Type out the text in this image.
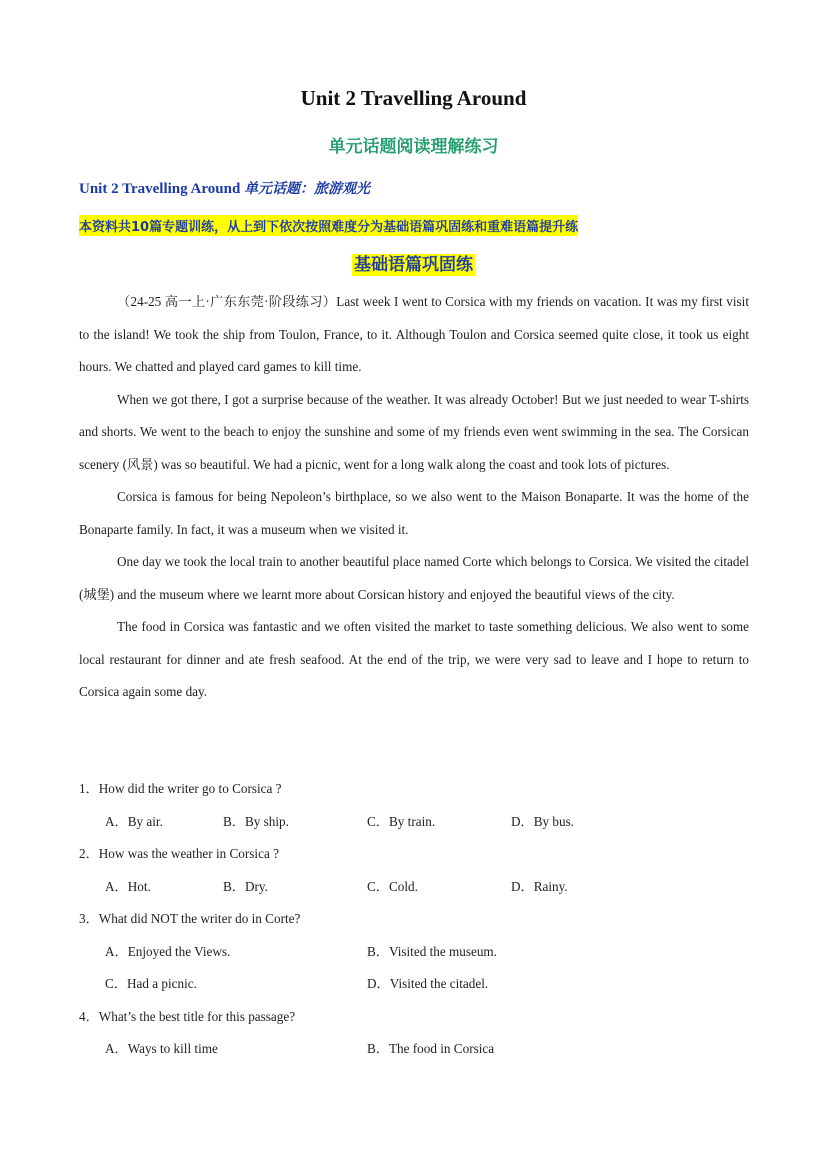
Unit 2 Travelling Around
单元话题阅读理解练习
Unit 2 Travelling Around 单元话题：旅游观光
本资料共10篇专题训练，从上到下依次按照难度分为基础语篇巩固练和重难语篇提升练
基础语篇巩固练

（24-25 高一上·广东东莞·阶段练习）Last week I went to Corsica with my friends on vacation. It was my first visit to the island! We took the ship from Toulon, France, to it. Although Toulon and Corsica seemed quite close, it took us eight hours. We chatted and played card games to kill time.

When we got there, I got a surprise because of the weather. It was already October! But we just needed to wear T-shirts and shorts. We went to the beach to enjoy the sunshine and some of my friends even went swimming in the sea. The Corsican scenery (风景) was so beautiful. We had a picnic, went for a long walk along the coast and took lots of pictures.

Corsica is famous for being Nepoleon’s birthplace, so we also went to the Maison Bonaparte. It was the home of the Bonaparte family. In fact, it was a museum when we visited it.

One day we took the local train to another beautiful place named Corte which belongs to Corsica. We visited the citadel (城堡) and the museum where we learnt more about Corsican history and enjoyed the beautiful views of the city.

The food in Corsica was fantastic and we often visited the market to taste something delicious. We also went to some local restaurant for dinner and ate fresh seafood. At the end of the trip, we were very sad to leave and I hope to return to Corsica again some day.

1．How did the writer go to Corsica ?
A．By air.	B．By ship.	C．By train.	D．By bus.
2．How was the weather in Corsica ?
A．Hot.	B．Dry.	C．Cold.	D．Rainy.
3．What did NOT the writer do in Corte?
A．Enjoyed the Views.	B．Visited the museum.
C．Had a picnic.	D．Visited the citadel.
4．What’s the best title for this passage?
A．Ways to kill time	B．The food in Corsica
